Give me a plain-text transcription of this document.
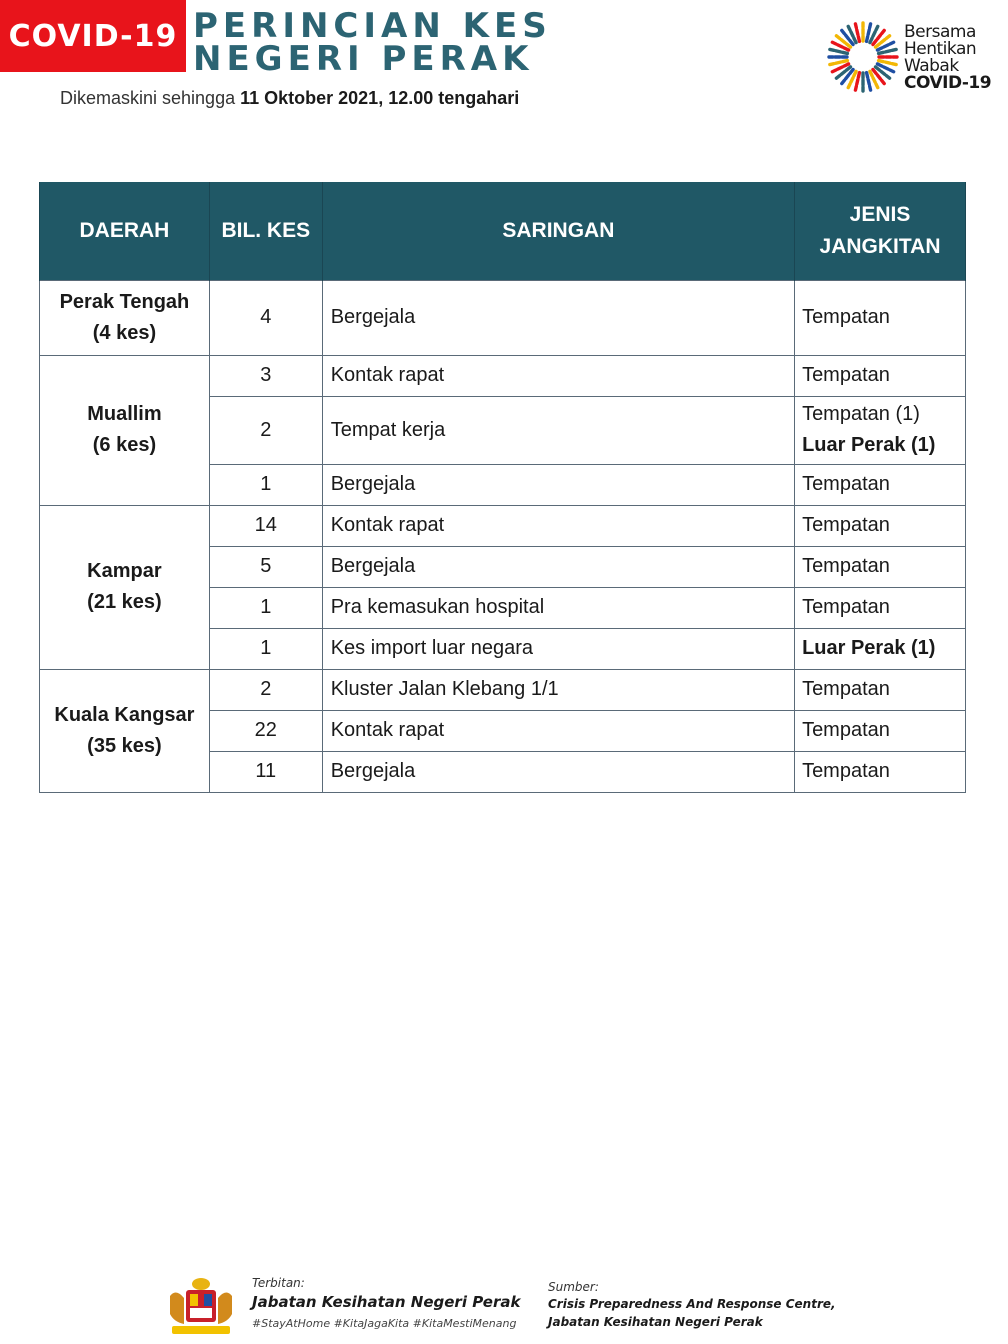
COVID-19 PERINCIAN KES
NEGERI PERAK
Dikemaskini sehingga 11 Oktober 2021, 12.00 tengahari
Bersama
Hentikan
Wabak
COVID-19
DAERAH	BIL. KES	SARINGAN	JENIS
JANGKITAN

Perak Tengah
(4 kes)	4	Bergejala	Tempatan

Muallim
(6 kes)	3	Kontak rapat	Tempatan

	2	Tempat kerja	Tempatan (1)
Luar Perak (1)

	1	Bergejala	Tempatan

Kampar
(21 kes)	14	Kontak rapat	Tempatan

	5	Bergejala	Tempatan

	1	Pra kemasukan hospital	Tempatan

	1	Kes import luar negara	Luar Perak (1)

Kuala Kangsar
(35 kes)	2	Kluster Jalan Klebang 1/1	Tempatan

	22	Kontak rapat	Tempatan

	11	Bergejala	Tempatan
Terbitan:
Jabatan Kesihatan Negeri Perak
#StayAtHome #KitaJagaKita #KitaMestiMenang
Sumber:
Crisis Preparedness And Response Centre,
Jabatan Kesihatan Negeri Perak
